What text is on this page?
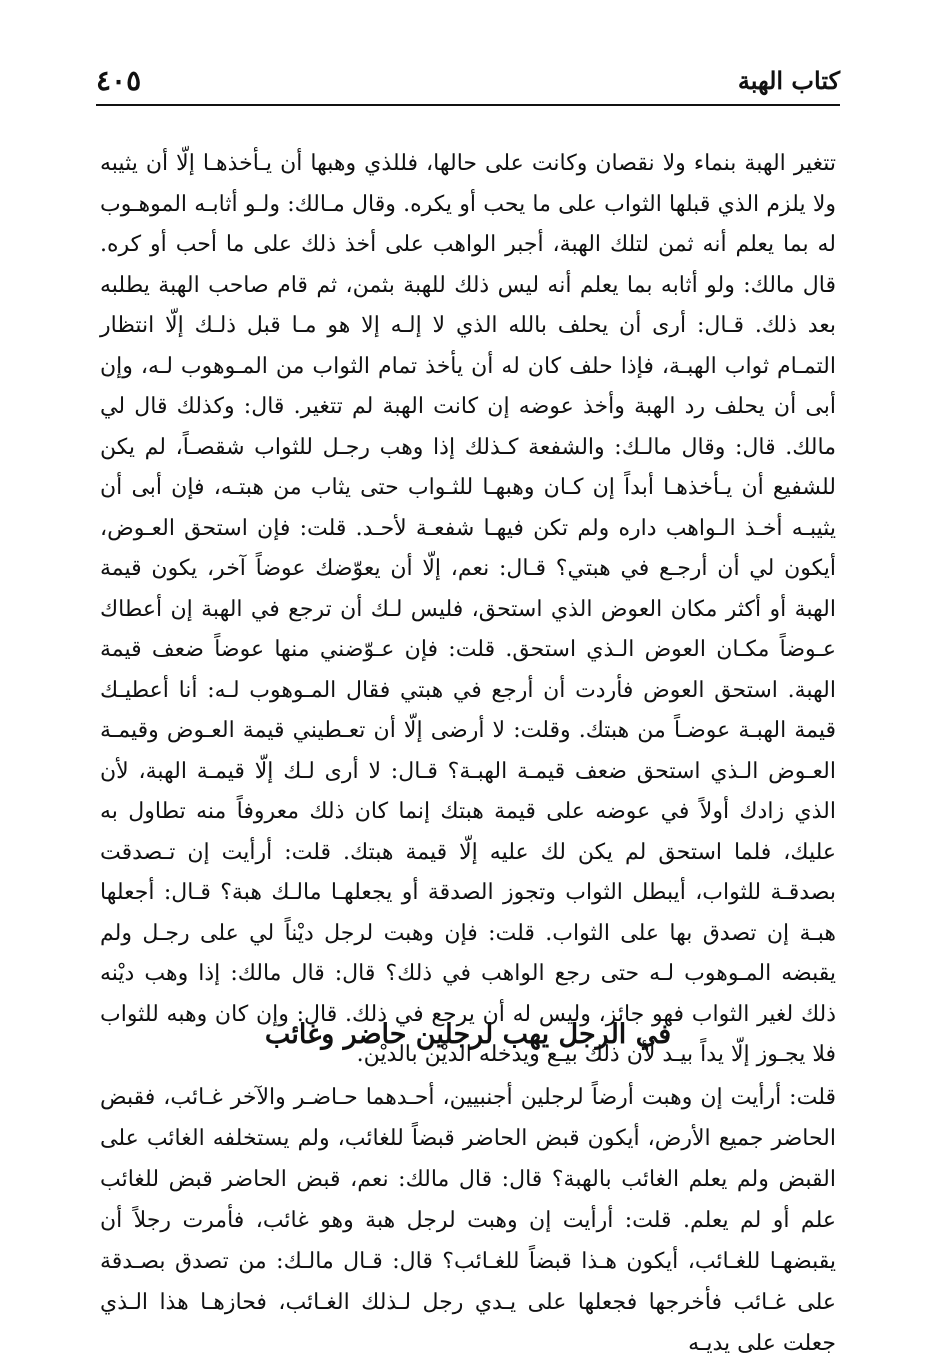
كتاب الهبة
٤٠٥

تتغير الهبة بنماء ولا نقصان وكانت على حالها، فللذي وهبها أن يـأخذهـا إلّا أن يثيبه ولا يلزم الذي قبلها الثواب على ما يحب أو يكره. وقال مـالك: ولـو أثابـه الموهـوب له بما يعلم أنه ثمن لتلك الهبة، أجبر الواهب على أخذ ذلك على ما أحب أو كره. قال مالك: ولو أثابه بما يعلم أنه ليس ذلك للهبة بثمن، ثم قام صاحب الهبة يطلبه بعد ذلك. قـال: أرى أن يحلف بالله الذي لا إلـه إلا هو مـا قبل ذلـك إلّا انتظار التمـام ثواب الهبـة، فإذا حلف كان له أن يأخذ تمام الثواب من المـوهوب لـه، وإن أبى أن يحلف رد الهبة وأخذ عوضه إن كانت الهبة لم تتغير. قال: وكذلك قال لي مالك. قال: وقال مالـك: والشفعة كـذلك إذا وهب رجـل للثواب شقصـاً، لم يكن للشفيع أن يـأخذهـا أبداً إن كـان وهبهـا للثـواب حتى يثاب من هبتـه، فإن أبى أن يثيبـه أخـذ الـواهب داره ولم تكن فيهـا شفعـة لأحـد. قلت: فإن استحق العـوض، أيكون لي أن أرجـع في هبتي؟ قـال: نعم، إلّا أن يعوّضك عوضاً آخر، يكون قيمة الهبة أو أكثر مكان العوض الذي استحق، فليس لـك أن ترجع في الهبة إن أعطاك عـوضاً مكـان العوض الـذي استحق. قلت: فإن عـوّضني منها عوضاً ضعف قيمة الهبة. استحق العوض فأردت أن أرجع في هبتي فقال المـوهوب لـه: أنا أعطيـك قيمة الهبـة عوضـاً من هبتك. وقلت: لا أرضى إلّا أن تعـطيني قيمة العـوض وقيمـة العـوض الـذي استحق ضعف قيمـة الهبـة؟ قـال: لا أرى لـك إلّا قيمـة الهبة، لأن الذي زادك أولاً في عوضه على قيمة هبتك إنما كان ذلك معروفاً منه تطاول به عليك، فلما استحق لم يكن لك عليه إلّا قيمة هبتك. قلت: أرأيت إن تـصدقت بصدقـة للثواب، أيبطل الثواب وتجوز الصدقة أو يجعلهـا مالـك هبة؟ قـال: أجعلها هبـة إن تصدق بها على الثواب. قلت: فإن وهبت لرجل ديْناً لي على رجـل ولم يقبضه المـوهوب لـه حتى رجع الواهب في ذلك؟ قال: قال مالك: إذا وهب ديْنه ذلك لغير الثواب فهو جائز، وليس له أن يرجع في ذلك. قال: وإن كان وهبه للثواب فلا يجـوز إلّا يداً بيـد لأن ذلك بيـع ويدخله الديْن بالديْن.

في الرجل يهب لرجلين حاضر وغائب

قلت: أرأيت إن وهبت أرضاً لرجلين أجنبيين، أحـدهما حـاضـر والآخر غـائب، فقبض الحاضر جميع الأرض، أيكون قبض الحاضر قبضاً للغائب، ولم يستخلفه الغائب على القبض ولم يعلم الغائب بالهبة؟ قال: قال مالك: نعم، قبض الحاضر قبض للغائب علم أو لم يعلم. قلت: أرأيت إن وهبت لرجل هبة وهو غائب، فأمرت رجلاً أن يقبضهـا للغـائب، أيكون هـذا قبضاً للغـائب؟ قال: قـال مالـك: من تصدق بصـدقة على غـائب فأخرجها فجعلها على يـدي رجل لـذلك الغـائب، فحازهـا هذا الـذي جعلت على يديـه
